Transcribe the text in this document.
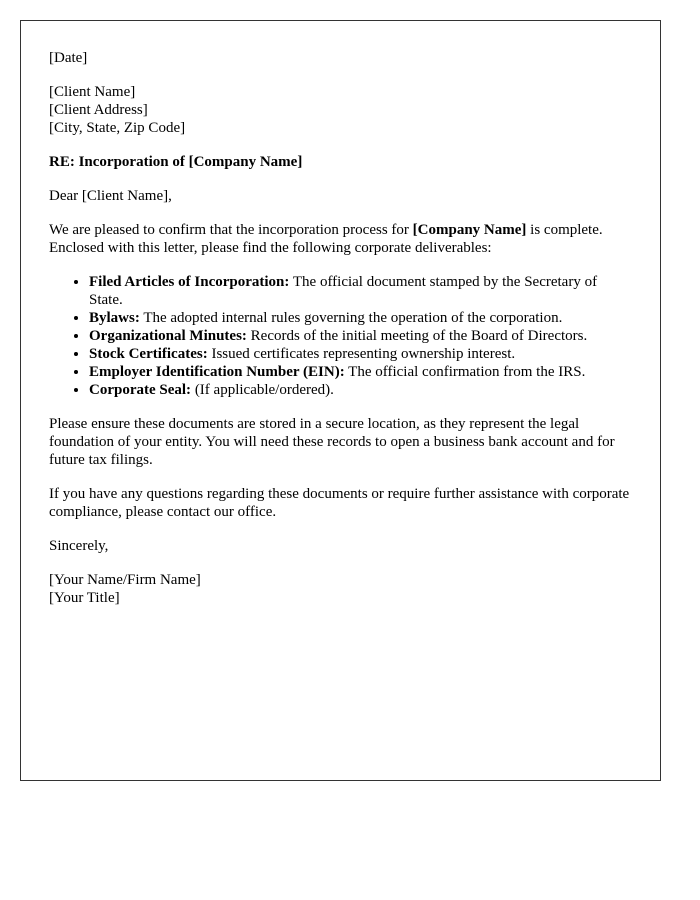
[Date]

[Client Name]
[Client Address]
[City, State, Zip Code]

RE: Incorporation of [Company Name]

Dear [Client Name],

We are pleased to confirm that the incorporation process for [Company Name] is complete. Enclosed with this letter, please find the following corporate deliverables:

• Filed Articles of Incorporation: The official document stamped by the Secretary of State.
• Bylaws: The adopted internal rules governing the operation of the corporation.
• Organizational Minutes: Records of the initial meeting of the Board of Directors.
• Stock Certificates: Issued certificates representing ownership interest.
• Employer Identification Number (EIN): The official confirmation from the IRS.
• Corporate Seal: (If applicable/ordered).

Please ensure these documents are stored in a secure location, as they represent the legal foundation of your entity. You will need these records to open a business bank account and for future tax filings.

If you have any questions regarding these documents or require further assistance with corporate compliance, please contact our office.

Sincerely,

[Your Name/Firm Name]
[Your Title]
